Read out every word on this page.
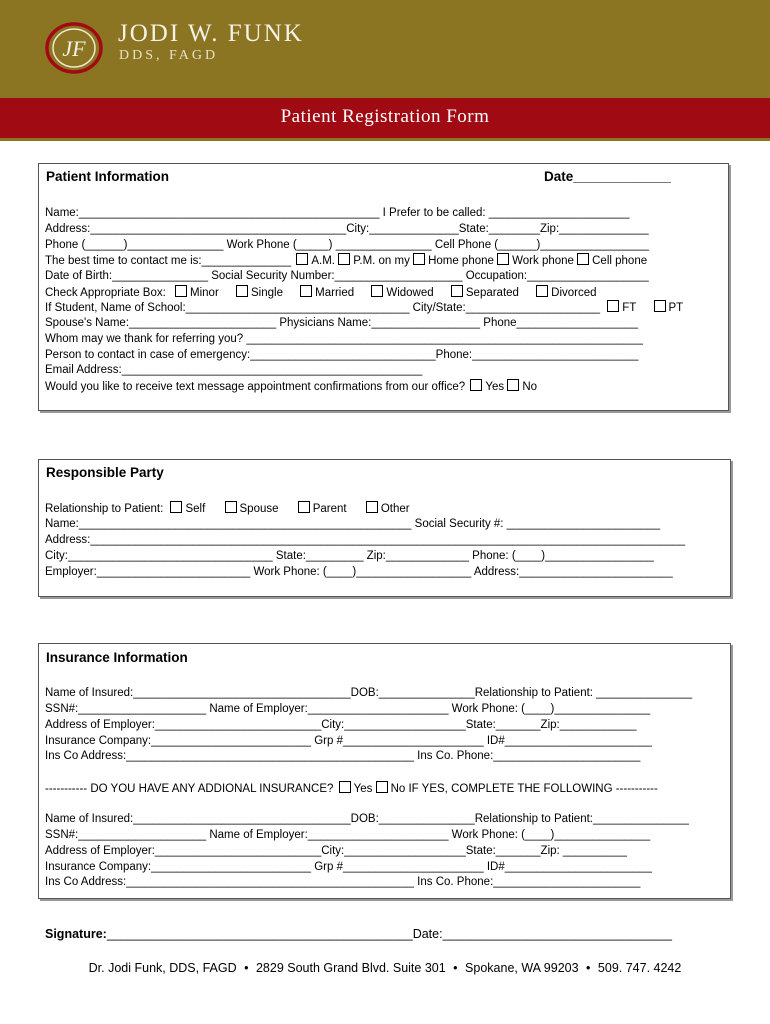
JF
JODI W. FUNK
DDS, FAGD
Patient Registration Form
Patient Information	Date_____________
Name:_______________________________________________ I Prefer to be called: ______________________
Address:________________________________________City:______________State:________Zip:______________
Phone (______)_______________ Work Phone (_____) _______________ Cell Phone (______)_________________
The best time to contact me is:______________ A.M. P.M. on my Home phone Work phone Cell phone
Date of Birth:_______________ Social Security Number:____________________ Occupation:___________________
Check Appropriate Box: Minor	Single	Married	Widowed	Separated	Divorced
If Student, Name of School:___________________________________ City/State:_____________________ FT	PT
Spouse's Name:_______________________ Physicians Name:_________________ Phone___________________
Whom may we thank for referring you? ______________________________________________________________
Person to contact in case of emergency:_____________________________Phone:__________________________
Email Address:_______________________________________________
Would you like to receive text message appointment confirmations from our office? Yes No
Responsible Party
Relationship to Patient: Self	Spouse	Parent	Other
Name:____________________________________________________ Social Security #: ________________________
Address:_____________________________________________________________________________________________
City:________________________________ State:_________ Zip:_____________ Phone: (____)_________________
Employer:________________________ Work Phone: (____)__________________ Address:________________________
Insurance Information
Name of Insured:__________________________________DOB:_______________Relationship to Patient: _______________
SSN#:____________________ Name of Employer:______________________ Work Phone: (____)_______________
Address of Employer:__________________________City:___________________State:_______Zip:____________
Insurance Company:_________________________ Grp #______________________ ID#_______________________
Ins Co Address:_____________________________________________ Ins Co. Phone:_______________________
----------- DO YOU HAVE ANY ADDIONAL INSURANCE? Yes No IF YES, COMPLETE THE FOLLOWING -----------
Name of Insured:__________________________________DOB:_______________Relationship to Patient:_______________
SSN#:____________________ Name of Employer:______________________ Work Phone: (____)_______________
Address of Employer:__________________________City:___________________State:_______Zip: __________
Insurance Company:_________________________ Grp #______________________ ID#_______________________
Ins Co Address:_____________________________________________ Ins Co. Phone:_______________________
Signature:____________________________________________Date:_________________________________
Dr. Jodi Funk, DDS, FAGD • 2829 South Grand Blvd. Suite 301 • Spokane, WA 99203 • 509. 747. 4242
